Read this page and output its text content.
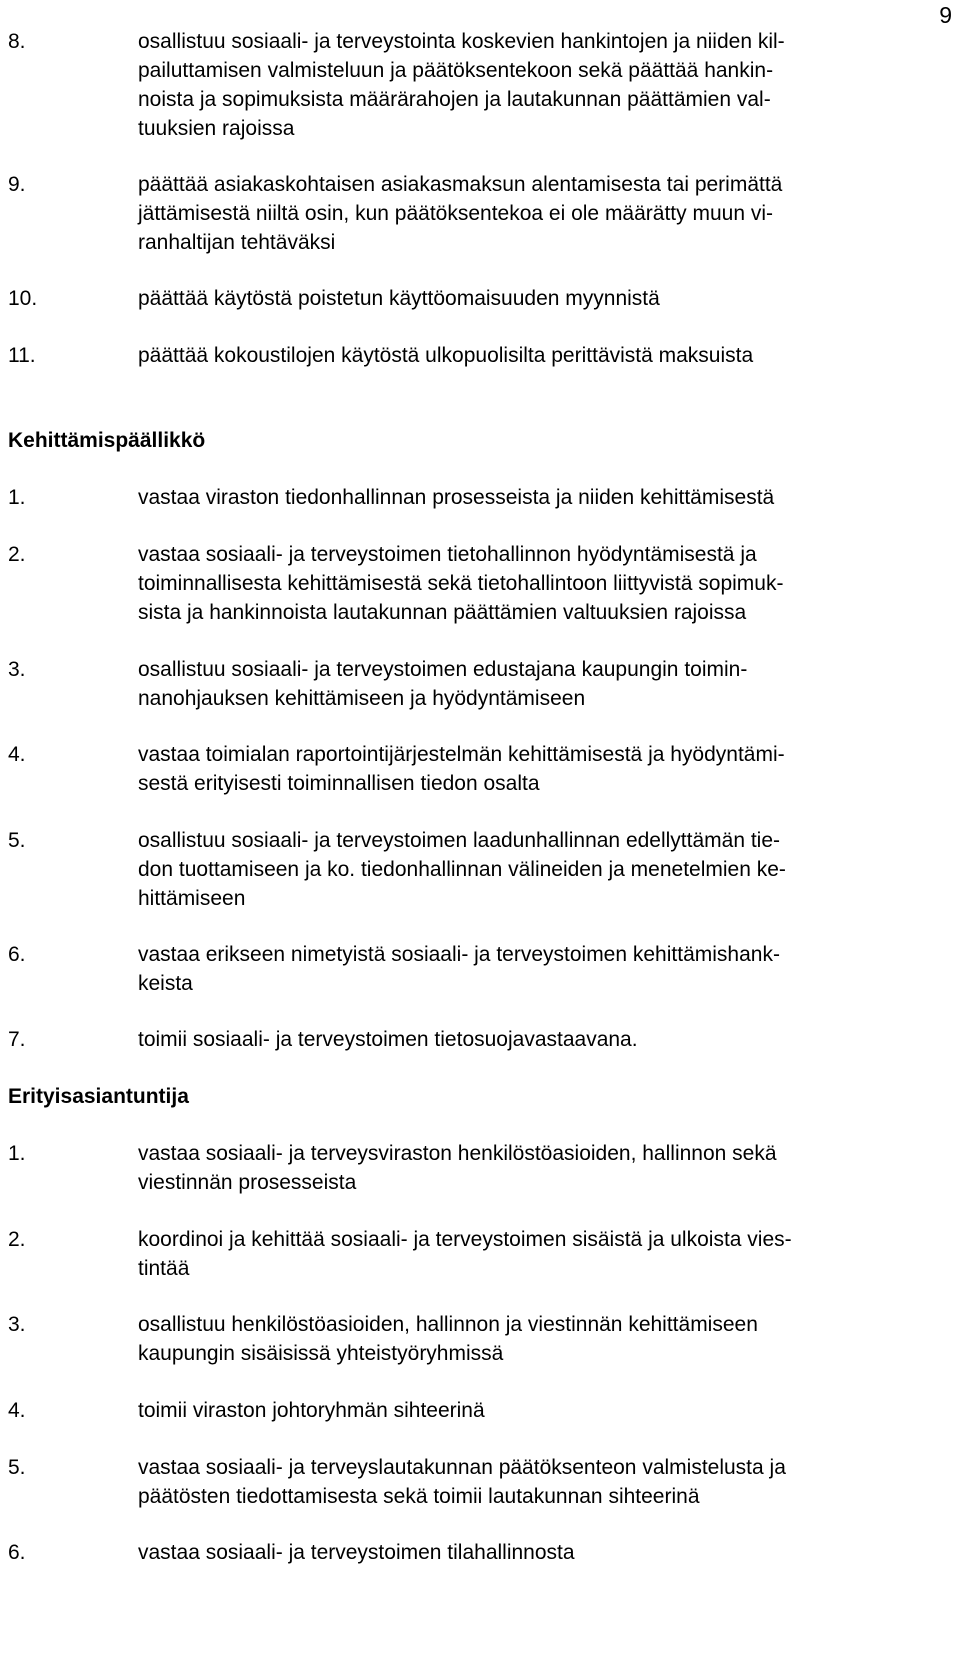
9
8.	osallistuu sosiaali- ja terveystointa koskevien hankintojen ja niiden kil-
pailuttamisen valmisteluun ja päätöksentekoon sekä päättää hankin-
noista ja sopimuksista määrärahojen ja lautakunnan päättämien val-
tuuksien rajoissa
9.	päättää asiakaskohtaisen asiakasmaksun alentamisesta tai perimättä
jättämisestä niiltä osin, kun päätöksentekoa ei ole määrätty muun vi-
ranhaltijan tehtäväksi
10.	päättää käytöstä poistetun käyttöomaisuuden myynnistä
11.	päättää kokoustilojen käytöstä ulkopuolisilta perittävistä maksuista
Kehittämispäällikkö
1.	vastaa viraston tiedonhallinnan prosesseista ja niiden kehittämisestä
2.	vastaa sosiaali- ja terveystoimen tietohallinnon hyödyntämisestä ja
toiminnallisesta kehittämisestä sekä tietohallintoon liittyvistä sopimuk-
sista ja hankinnoista lautakunnan päättämien valtuuksien rajoissa
3.	osallistuu sosiaali- ja terveystoimen edustajana kaupungin toimin-
nanohjauksen kehittämiseen ja hyödyntämiseen
4.	vastaa toimialan raportointijärjestelmän kehittämisestä ja hyödyntämi-
sestä erityisesti toiminnallisen tiedon osalta
5.	osallistuu sosiaali- ja terveystoimen laadunhallinnan edellyttämän tie-
don tuottamiseen ja ko. tiedonhallinnan välineiden ja menetelmien ke-
hittämiseen
6.	vastaa erikseen nimetyistä sosiaali- ja terveystoimen kehittämishank-
keista
7.	toimii sosiaali- ja terveystoimen tietosuojavastaavana.
Erityisasiantuntija
1.	vastaa sosiaali- ja terveysviraston henkilöstöasioiden, hallinnon sekä
viestinnän prosesseista
2.	koordinoi ja kehittää sosiaali- ja terveystoimen sisäistä ja ulkoista vies-
tintää
3.	osallistuu henkilöstöasioiden, hallinnon ja viestinnän kehittämiseen
kaupungin sisäisissä yhteistyöryhmissä
4.	toimii viraston johtoryhmän sihteerinä
5.	vastaa sosiaali- ja terveyslautakunnan päätöksenteon valmistelusta ja
päätösten tiedottamisesta sekä toimii lautakunnan sihteerinä
6.	vastaa sosiaali- ja terveystoimen tilahallinnosta
